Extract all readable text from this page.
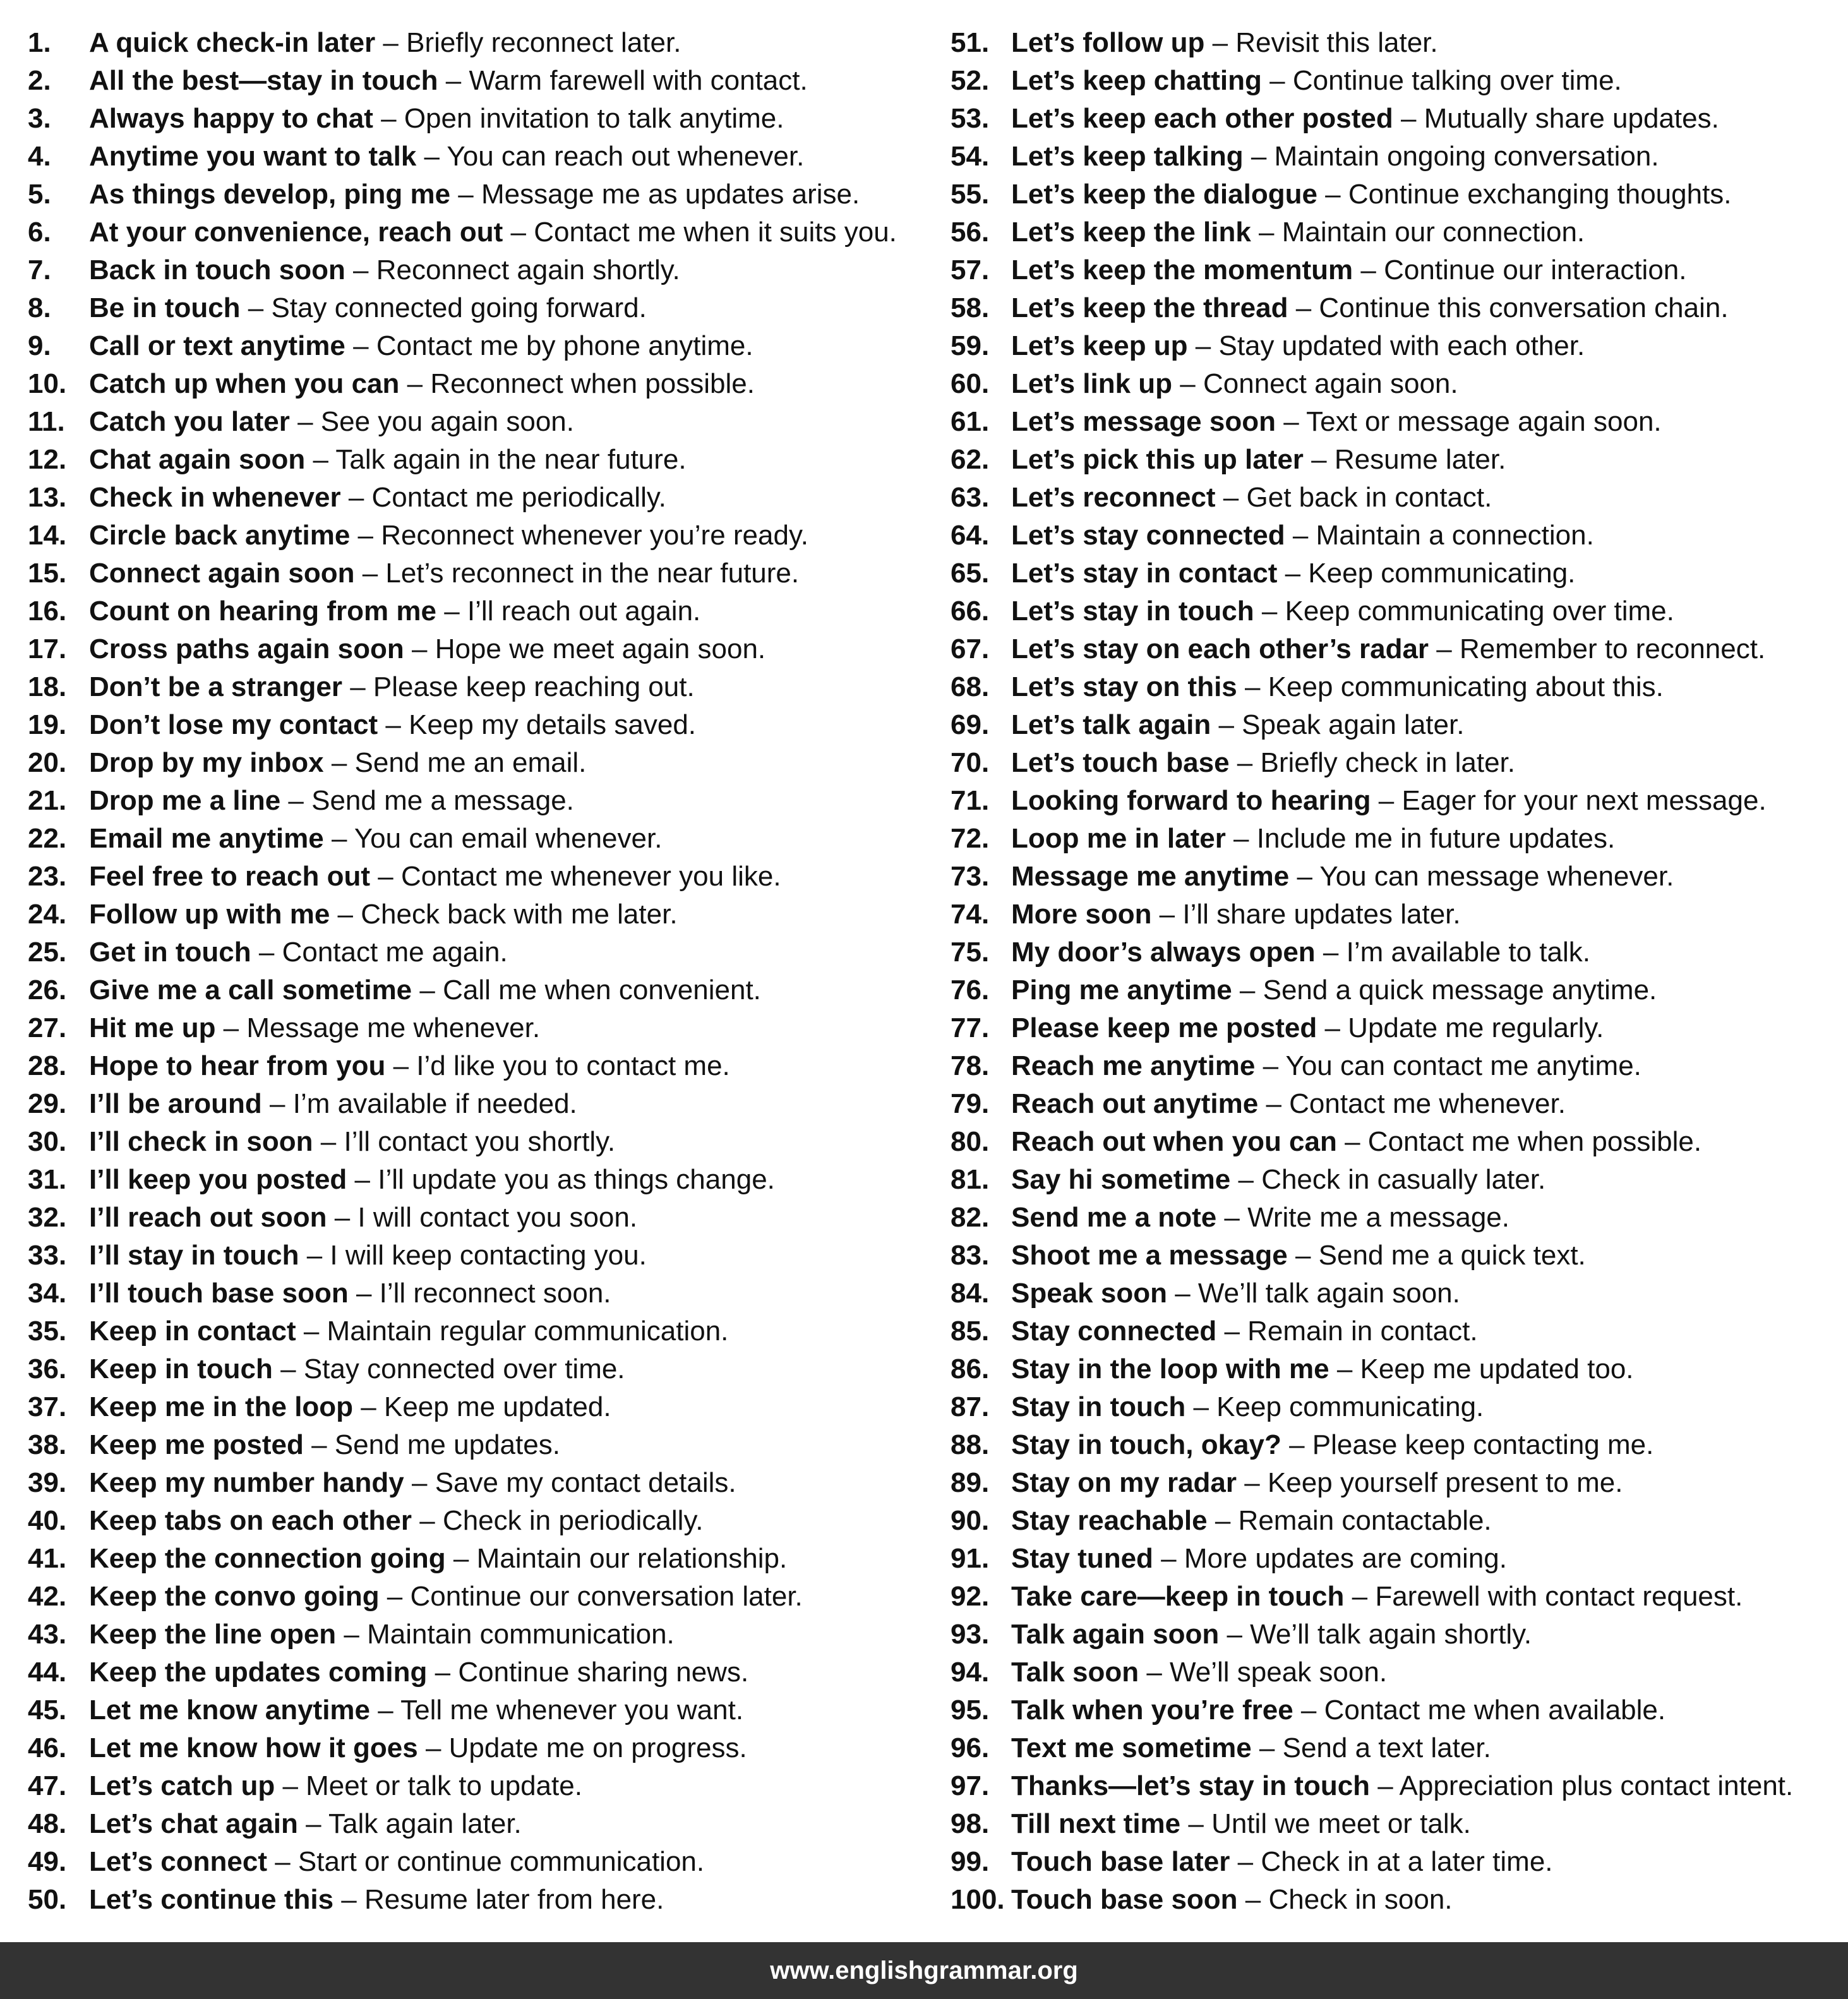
1. A quick check-in later – Briefly reconnect later.
2. All the best—stay in touch – Warm farewell with contact.
3. Always happy to chat – Open invitation to talk anytime.
4. Anytime you want to talk – You can reach out whenever.
5. As things develop, ping me – Message me as updates arise.
6. At your convenience, reach out – Contact me when it suits you.
7. Back in touch soon – Reconnect again shortly.
8. Be in touch – Stay connected going forward.
9. Call or text anytime – Contact me by phone anytime.
10. Catch up when you can – Reconnect when possible.
11. Catch you later – See you again soon.
12. Chat again soon – Talk again in the near future.
13. Check in whenever – Contact me periodically.
14. Circle back anytime – Reconnect whenever you’re ready.
15. Connect again soon – Let’s reconnect in the near future.
16. Count on hearing from me – I’ll reach out again.
17. Cross paths again soon – Hope we meet again soon.
18. Don’t be a stranger – Please keep reaching out.
19. Don’t lose my contact – Keep my details saved.
20. Drop by my inbox – Send me an email.
21. Drop me a line – Send me a message.
22. Email me anytime – You can email whenever.
23. Feel free to reach out – Contact me whenever you like.
24. Follow up with me – Check back with me later.
25. Get in touch – Contact me again.
26. Give me a call sometime – Call me when convenient.
27. Hit me up – Message me whenever.
28. Hope to hear from you – I’d like you to contact me.
29. I’ll be around – I’m available if needed.
30. I’ll check in soon – I’ll contact you shortly.
31. I’ll keep you posted – I’ll update you as things change.
32. I’ll reach out soon – I will contact you soon.
33. I’ll stay in touch – I will keep contacting you.
34. I’ll touch base soon – I’ll reconnect soon.
35. Keep in contact – Maintain regular communication.
36. Keep in touch – Stay connected over time.
37. Keep me in the loop – Keep me updated.
38. Keep me posted – Send me updates.
39. Keep my number handy – Save my contact details.
40. Keep tabs on each other – Check in periodically.
41. Keep the connection going – Maintain our relationship.
42. Keep the convo going – Continue our conversation later.
43. Keep the line open – Maintain communication.
44. Keep the updates coming – Continue sharing news.
45. Let me know anytime – Tell me whenever you want.
46. Let me know how it goes – Update me on progress.
47. Let’s catch up – Meet or talk to update.
48. Let’s chat again – Talk again later.
49. Let’s connect – Start or continue communication.
50. Let’s continue this – Resume later from here.
51. Let’s follow up – Revisit this later.
52. Let’s keep chatting – Continue talking over time.
53. Let’s keep each other posted – Mutually share updates.
54. Let’s keep talking – Maintain ongoing conversation.
55. Let’s keep the dialogue – Continue exchanging thoughts.
56. Let’s keep the link – Maintain our connection.
57. Let’s keep the momentum – Continue our interaction.
58. Let’s keep the thread – Continue this conversation chain.
59. Let’s keep up – Stay updated with each other.
60. Let’s link up – Connect again soon.
61. Let’s message soon – Text or message again soon.
62. Let’s pick this up later – Resume later.
63. Let’s reconnect – Get back in contact.
64. Let’s stay connected – Maintain a connection.
65. Let’s stay in contact – Keep communicating.
66. Let’s stay in touch – Keep communicating over time.
67. Let’s stay on each other’s radar – Remember to reconnect.
68. Let’s stay on this – Keep communicating about this.
69. Let’s talk again – Speak again later.
70. Let’s touch base – Briefly check in later.
71. Looking forward to hearing – Eager for your next message.
72. Loop me in later – Include me in future updates.
73. Message me anytime – You can message whenever.
74. More soon – I’ll share updates later.
75. My door’s always open – I’m available to talk.
76. Ping me anytime – Send a quick message anytime.
77. Please keep me posted – Update me regularly.
78. Reach me anytime – You can contact me anytime.
79. Reach out anytime – Contact me whenever.
80. Reach out when you can – Contact me when possible.
81. Say hi sometime – Check in casually later.
82. Send me a note – Write me a message.
83. Shoot me a message – Send me a quick text.
84. Speak soon – We’ll talk again soon.
85. Stay connected – Remain in contact.
86. Stay in the loop with me – Keep me updated too.
87. Stay in touch – Keep communicating.
88. Stay in touch, okay? – Please keep contacting me.
89. Stay on my radar – Keep yourself present to me.
90. Stay reachable – Remain contactable.
91. Stay tuned – More updates are coming.
92. Take care—keep in touch – Farewell with contact request.
93. Talk again soon – We’ll talk again shortly.
94. Talk soon – We’ll speak soon.
95. Talk when you’re free – Contact me when available.
96. Text me sometime – Send a text later.
97. Thanks—let’s stay in touch – Appreciation plus contact intent.
98. Till next time – Until we meet or talk.
99. Touch base later – Check in at a later time.
100. Touch base soon – Check in soon.
www.englishgrammar.org
